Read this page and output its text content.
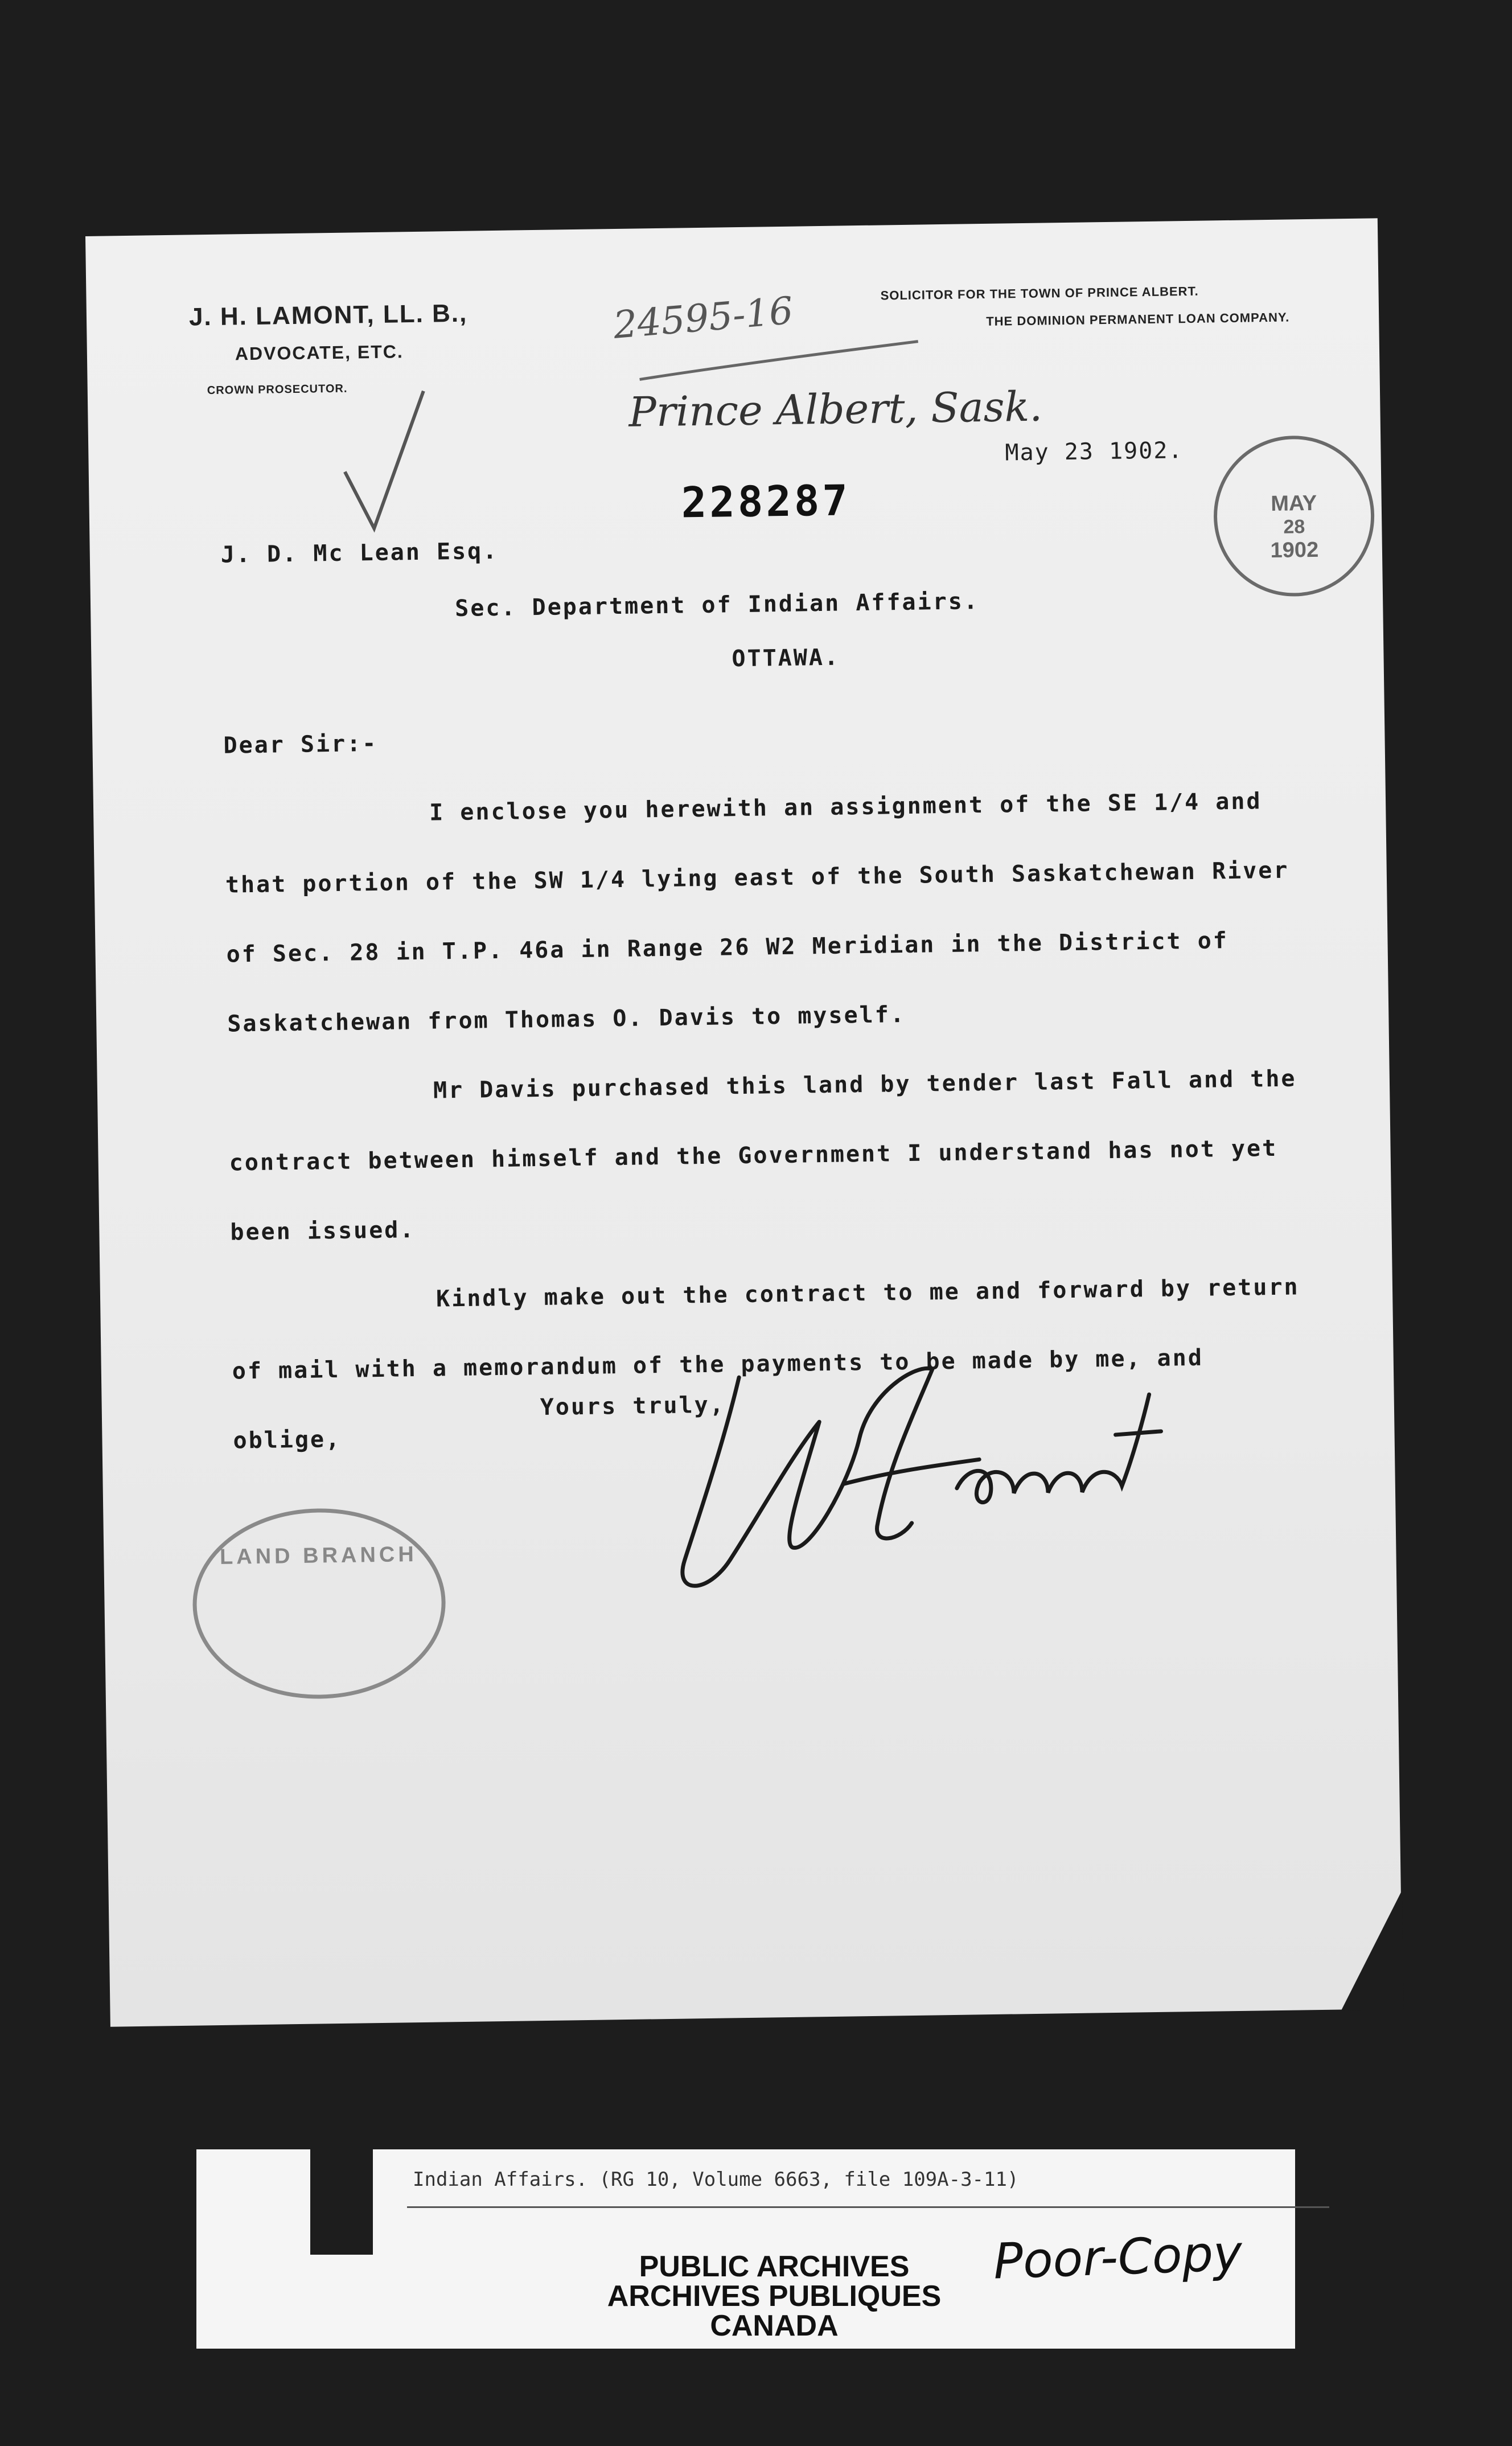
J. H. LAMONT, LL. B.,
ADVOCATE, ETC.
CROWN PROSECUTOR.
SOLICITOR FOR THE TOWN OF PRINCE ALBERT.
THE DOMINION PERMANENT LOAN COMPANY.
24595-16
Prince Albert, Sask.
May 23 1902.
228287	MAY
28
1902
J. D. Mc Lean Esq.
Sec. Department of Indian Affairs.
OTTAWA.
Dear Sir:-

I enclose you herewith an assignment of the SE 1/4 and that portion of the SW 1/4 lying east of the South Saskatchewan River of Sec. 28 in T.P. 46a in Range 26 W2 Meridian in the District of Saskatchewan from Thomas O. Davis to myself.

Mr Davis purchased this land by tender last Fall and the contract between himself and the Government I understand has not yet been issued.

Kindly make out the contract to me and forward by return of mail with a memorandum of the payments to be made by me, and oblige,

Yours truly,
LAND BRANCH
Indian Affairs. (RG 10, Volume 6663, file 109A-3-11)
PUBLIC ARCHIVES
ARCHIVES PUBLIQUES
CANADA
Poor-Copy
